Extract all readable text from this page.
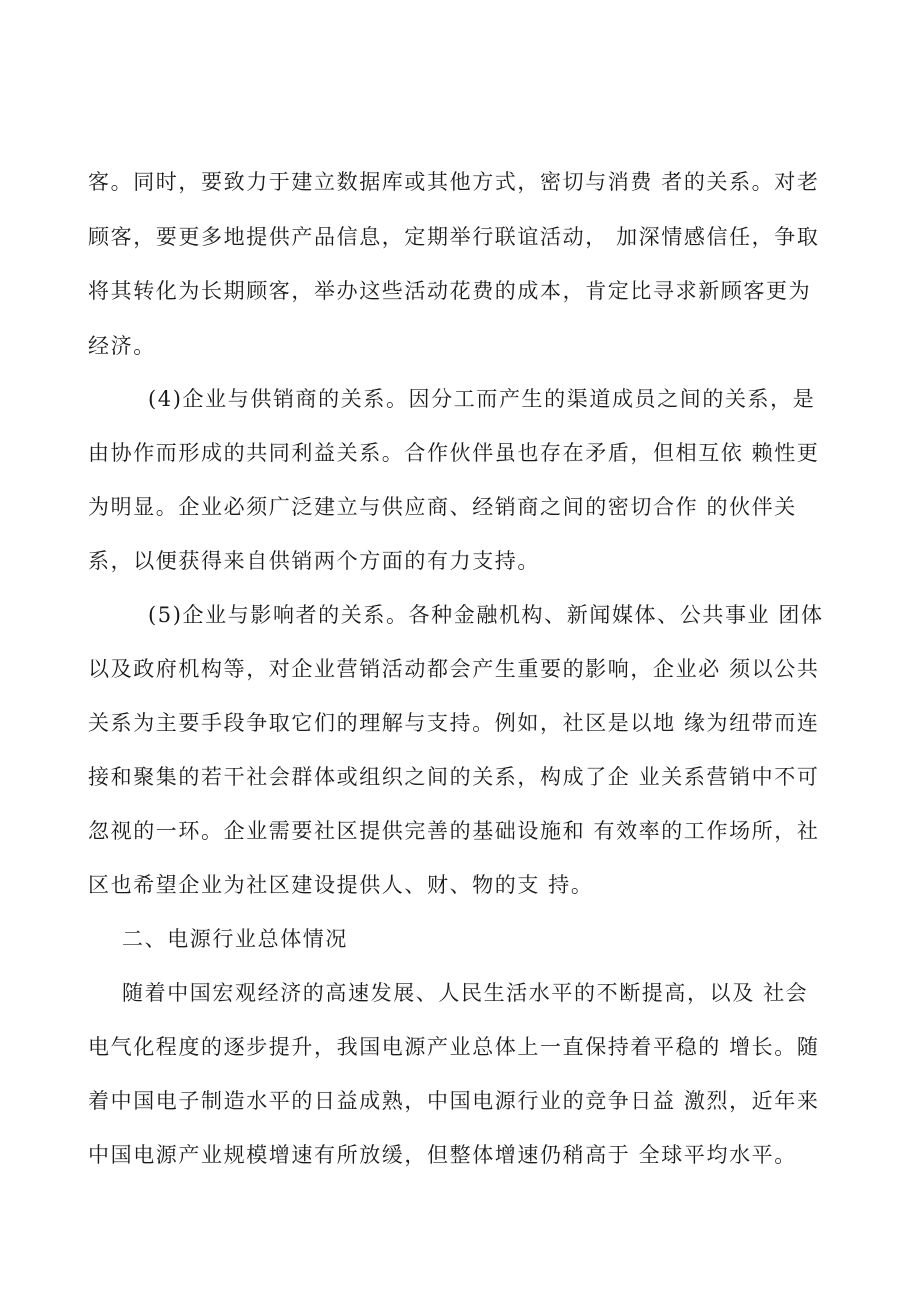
客。同时，要致力于建立数据库或其他方式，密切与消费 者的关系。对老
顾客，要更多地提供产品信息，定期举行联谊活动， 加深情感信任，争取
将其转化为长期顾客，举办这些活动花费的成本，肯定比寻求新顾客更为
经济。
(4)企业与供销商的关系。因分工而产生的渠道成员之间的关系，是
由协作而形成的共同利益关系。合作伙伴虽也存在矛盾，但相互依 赖性更
为明显。企业必须广泛建立与供应商、经销商之间的密切合作 的伙伴关
系，以便获得来自供销两个方面的有力支持。
(5)企业与影响者的关系。各种金融机构、新闻媒体、公共事业 团体
以及政府机构等，对企业营销活动都会产生重要的影响，企业必 须以公共
关系为主要手段争取它们的理解与支持。例如，社区是以地 缘为纽带而连
接和聚集的若干社会群体或组织之间的关系，构成了企 业关系营销中不可
忽视的一环。企业需要社区提供完善的基础设施和 有效率的工作场所，社
区也希望企业为社区建设提供人、财、物的支 持。
二、电源行业总体情况
随着中国宏观经济的高速发展、人民生活水平的不断提高，以及 社会
电气化程度的逐步提升，我国电源产业总体上一直保持着平稳的 增长。随
着中国电子制造水平的日益成熟，中国电源行业的竞争日益 激烈，近年来
中国电源产业规模增速有所放缓，但整体增速仍稍高于 全球平均水平。
